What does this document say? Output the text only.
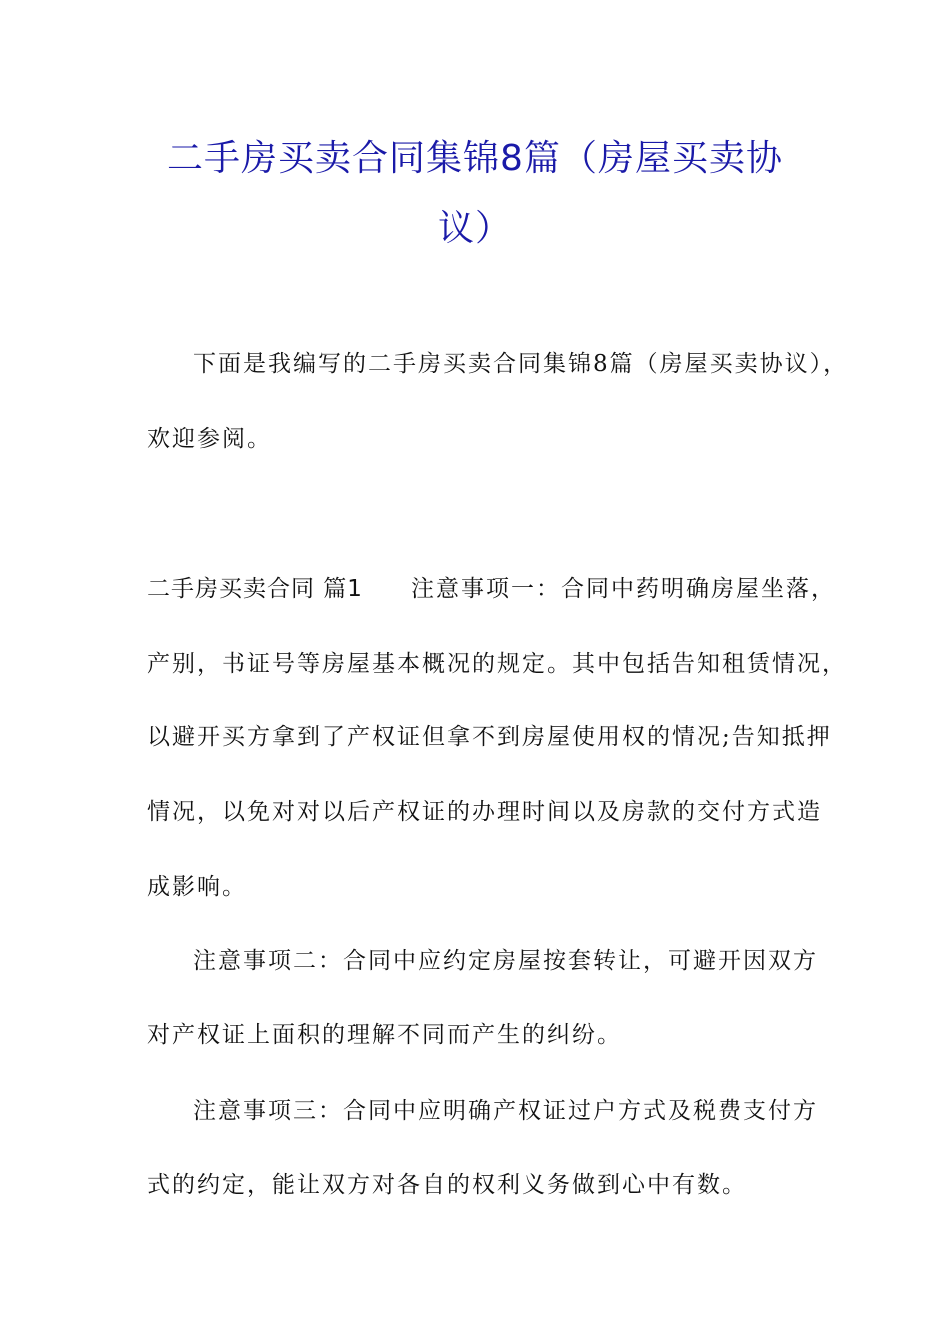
二手房买卖合同集锦8篇（房屋买卖协
议）
下面是我编写的二手房买卖合同集锦8篇（房屋买卖协议），
欢迎参阅。
二手房买卖合同 篇1 注意事项一：合同中药明确房屋坐落，
产别，书证号等房屋基本概况的规定。其中包括告知租赁情况，
以避开买方拿到了产权证但拿不到房屋使用权的情况;告知抵押
情况，以免对对以后产权证的办理时间以及房款的交付方式造
成影响。
注意事项二：合同中应约定房屋按套转让，可避开因双方
对产权证上面积的理解不同而产生的纠纷。
注意事项三：合同中应明确产权证过户方式及税费支付方
式的约定，能让双方对各自的权利义务做到心中有数。
